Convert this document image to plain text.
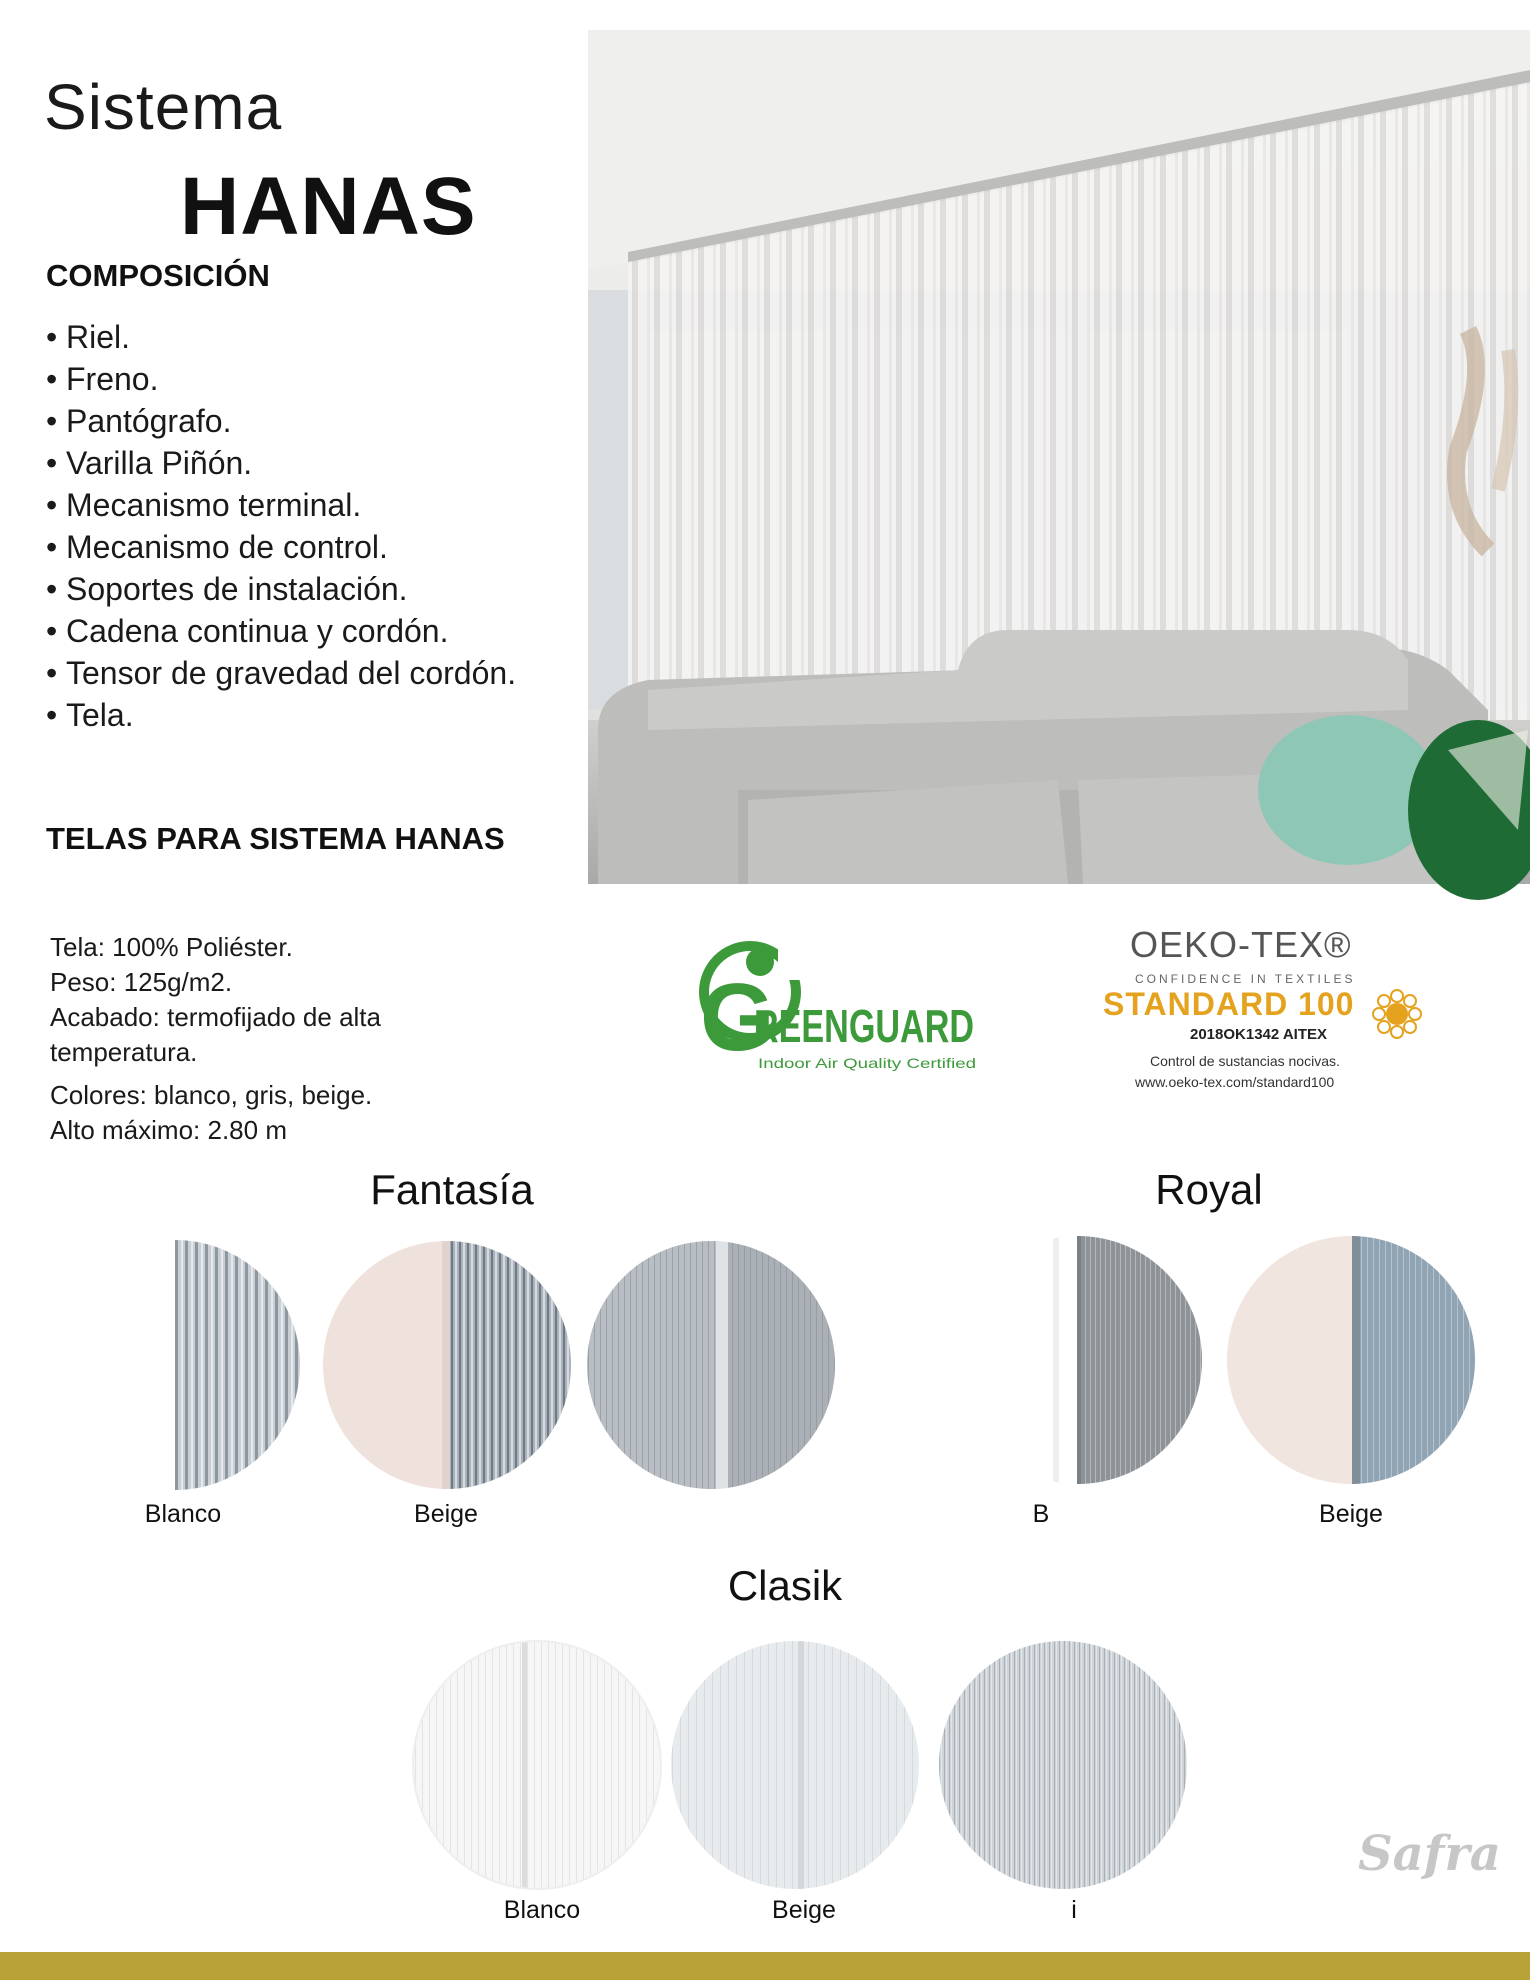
Sistema
HANAS
COMPOSICIÓN
• Riel.
• Freno.
• Pantógrafo.
• Varilla Piñón.
• Mecanismo terminal.
• Mecanismo de control.
• Soportes de instalación.
• Cadena continua y cordón.
• Tensor de gravedad del cordón.
• Tela.
TELAS PARA SISTEMA HANAS
Tela: 100% Poliéster.
Peso: 125g/m2.
Acabado: termofijado de alta temperatura.
Colores: blanco, gris, beige.
Alto máximo: 2.80 m
G
REENGUARD
Indoor Air Quality Certified
OEKO-TEX®
CONFIDENCE IN TEXTILES
STANDARD 100
2018OK1342 AITEX
Control de sustancias nocivas.
www.oeko-tex.com/standard100
Fantasía
Blanco	Beige
Royal
B	Beige
Clasik
Blanco	Beige	i
Safra
